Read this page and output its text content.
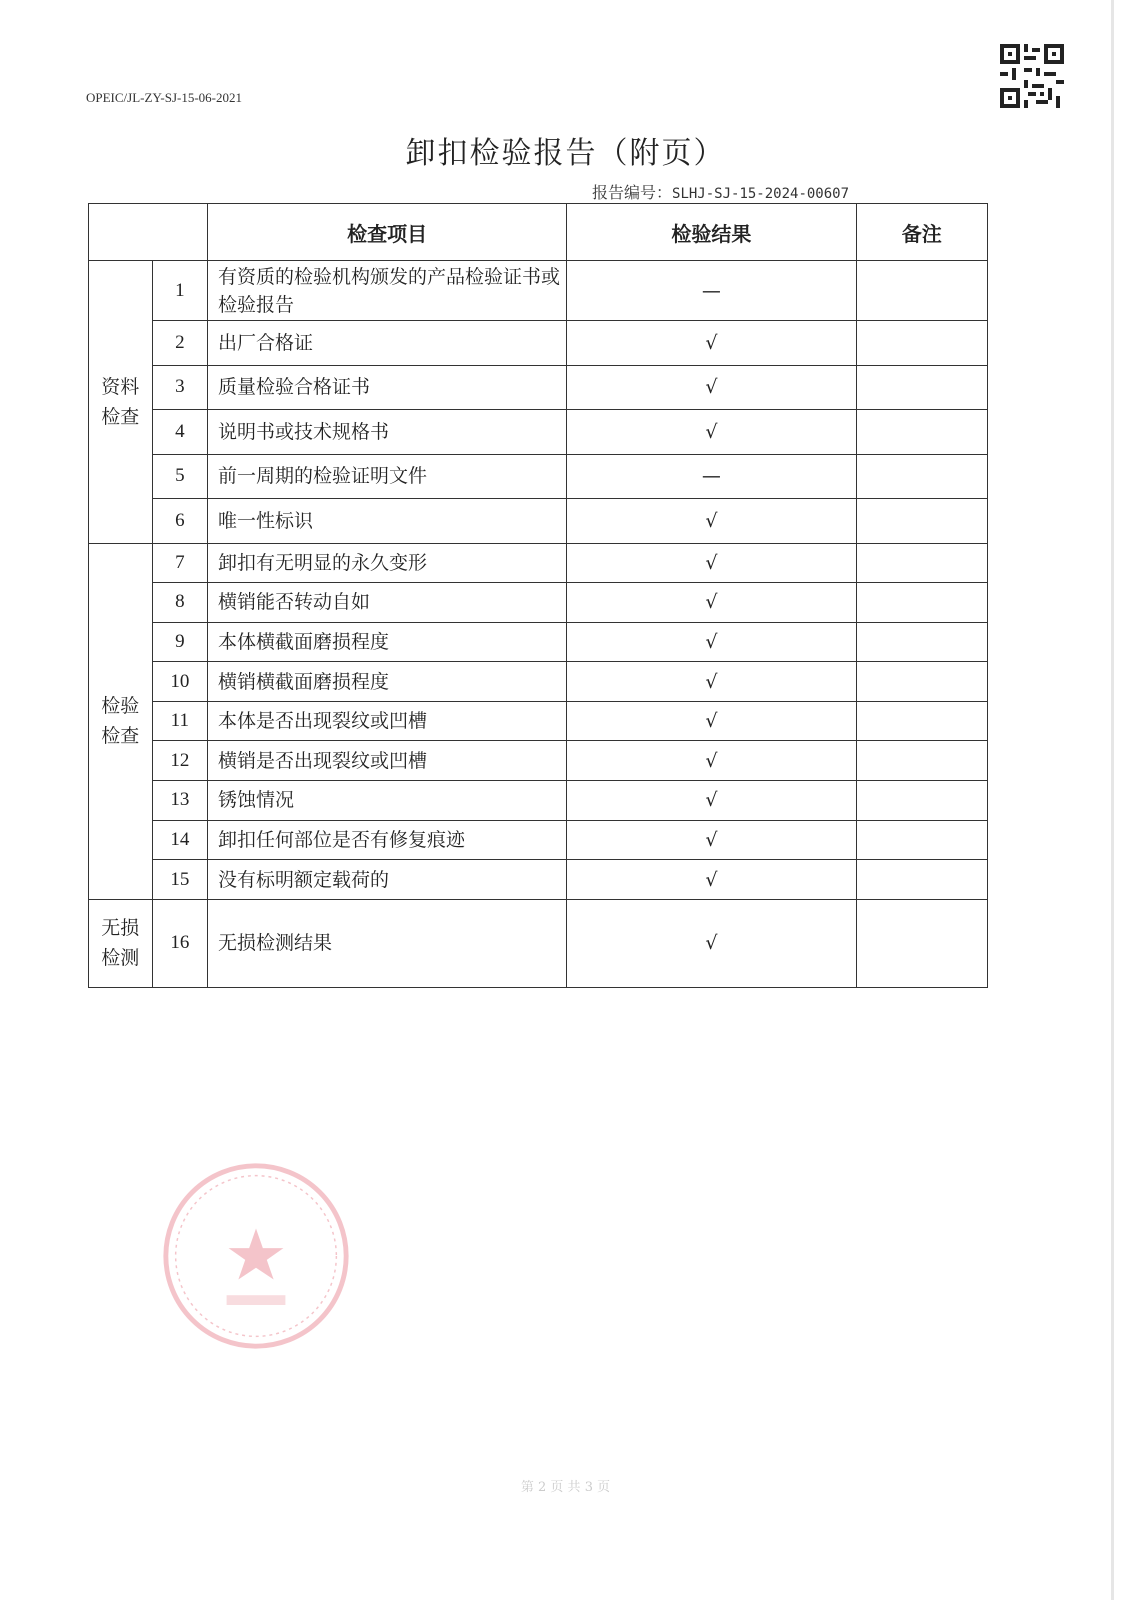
OPEIC/JL-ZY-SJ-15-06-2021
卸扣检验报告（附页）
报告编号：SLHJ-SJ-15-2024-00607
		检查项目	检验结果	备注
资料检查	1	有资质的检验机构颁发的产品检验证书或检验报告	—	
	2	出厂合格证	√	
	3	质量检验合格证书	√	
	4	说明书或技术规格书	√	
	5	前一周期的检验证明文件	—	
	6	唯一性标识	√	
检验检查	7	卸扣有无明显的永久变形	√	
	8	横销能否转动自如	√	
	9	本体横截面磨损程度	√	
	10	横销横截面磨损程度	√	
	11	本体是否出现裂纹或凹槽	√	
	12	横销是否出现裂纹或凹槽	√	
	13	锈蚀情况	√	
	14	卸扣任何部位是否有修复痕迹	√	
	15	没有标明额定载荷的	√	
无损检测	16	无损检测结果	√	
第 2 页 共 3 页
